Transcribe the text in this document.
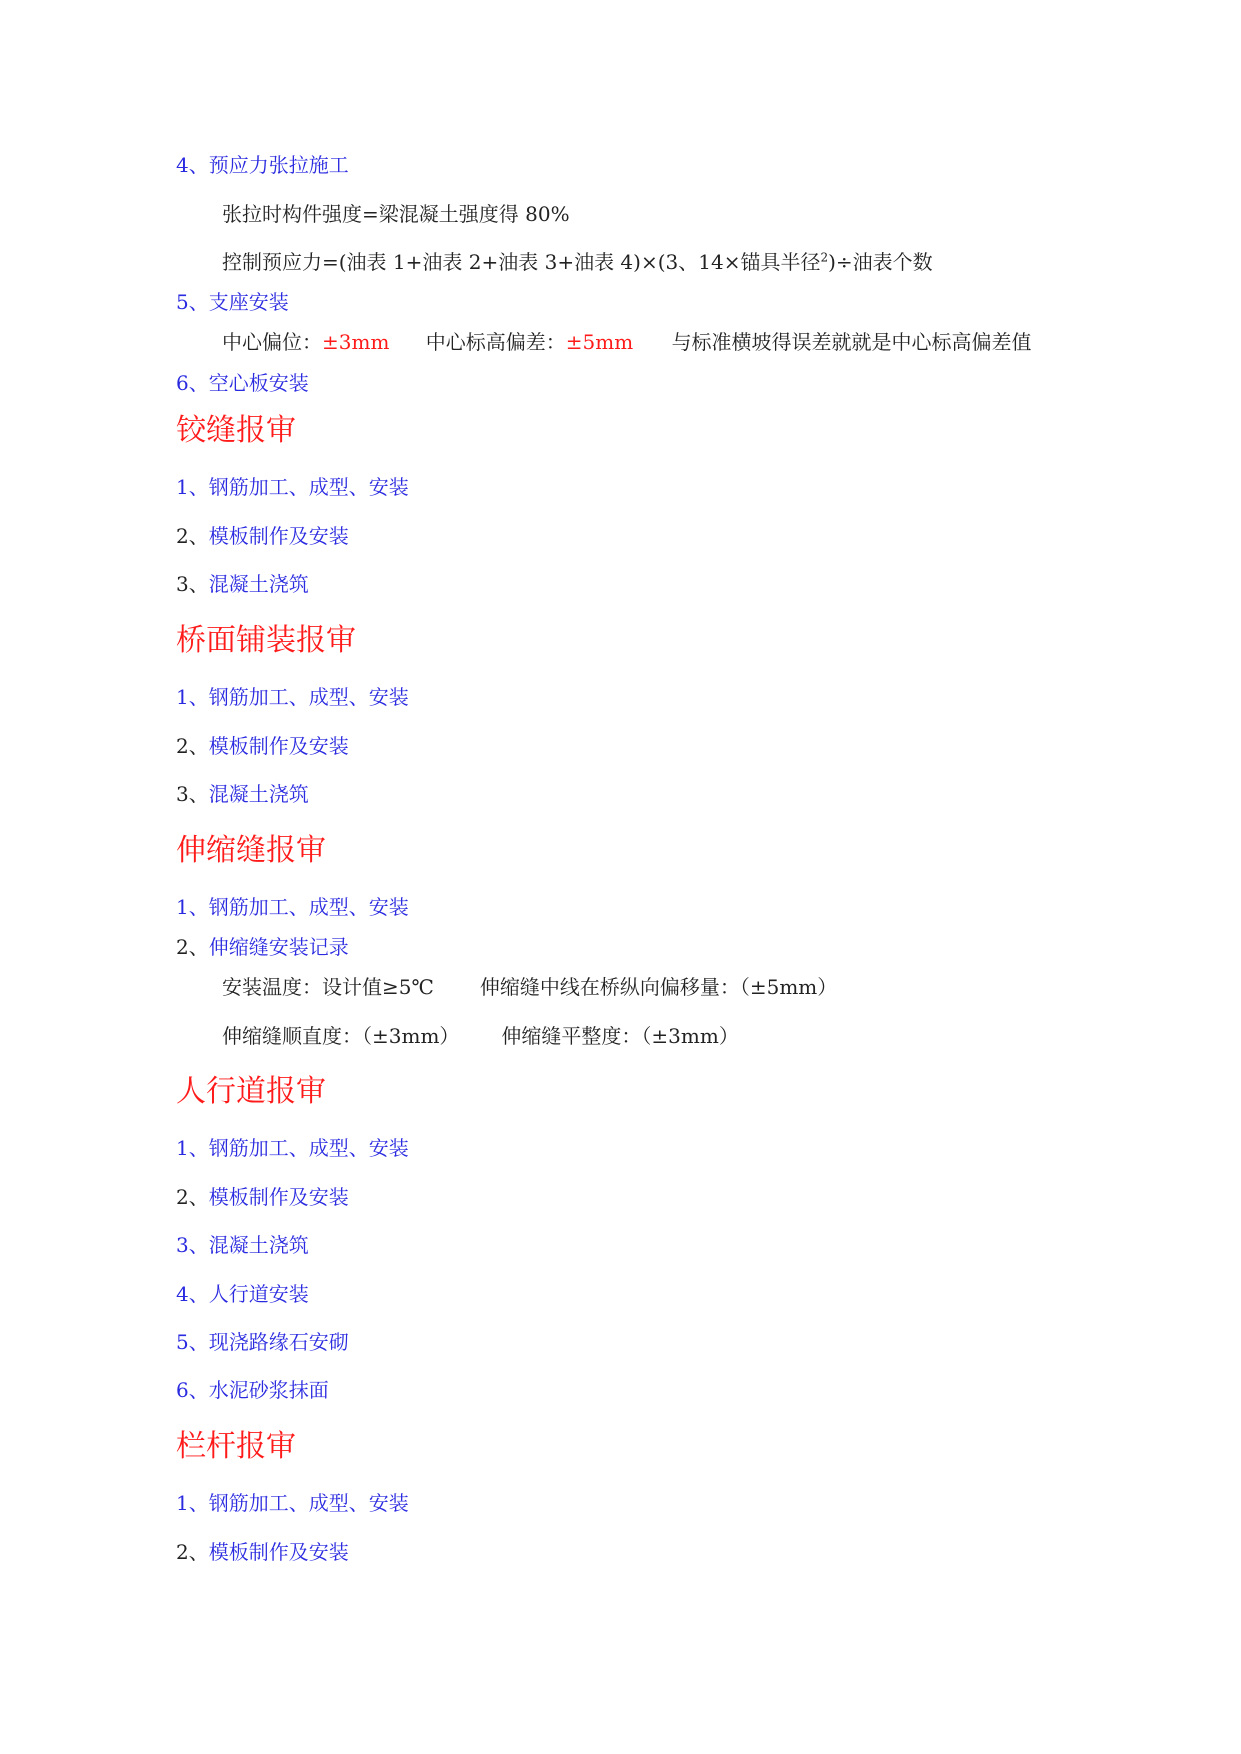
4、预应力张拉施工
张拉时构件强度=梁混凝土强度得 80%
控制预应力=(油表 1+油表 2+油表 3+油表 4)×(3、14×锚具半径$^2$)÷油表个数
5、支座安装
中心偏位：±3mm 中心标高偏差：±5mm 与标准横坡得误差就就是中心标高偏差值
6、空心板安装
铰缝报审
1、钢筋加工、成型、安装
2、模板制作及安装
3、混凝土浇筑
桥面铺装报审
1、钢筋加工、成型、安装
2、模板制作及安装
3、混凝土浇筑
伸缩缝报审
1、钢筋加工、成型、安装
2、伸缩缝安装记录
安装温度：设计值≥5℃ 伸缩缝中线在桥纵向偏移量：（±5mm）
伸缩缝顺直度：（±3mm） 伸缩缝平整度：（±3mm）
人行道报审
1、钢筋加工、成型、安装
2、模板制作及安装
3、混凝土浇筑
4、人行道安装
5、现浇路缘石安砌
6、水泥砂浆抹面
栏杆报审
1、钢筋加工、成型、安装
2、模板制作及安装
